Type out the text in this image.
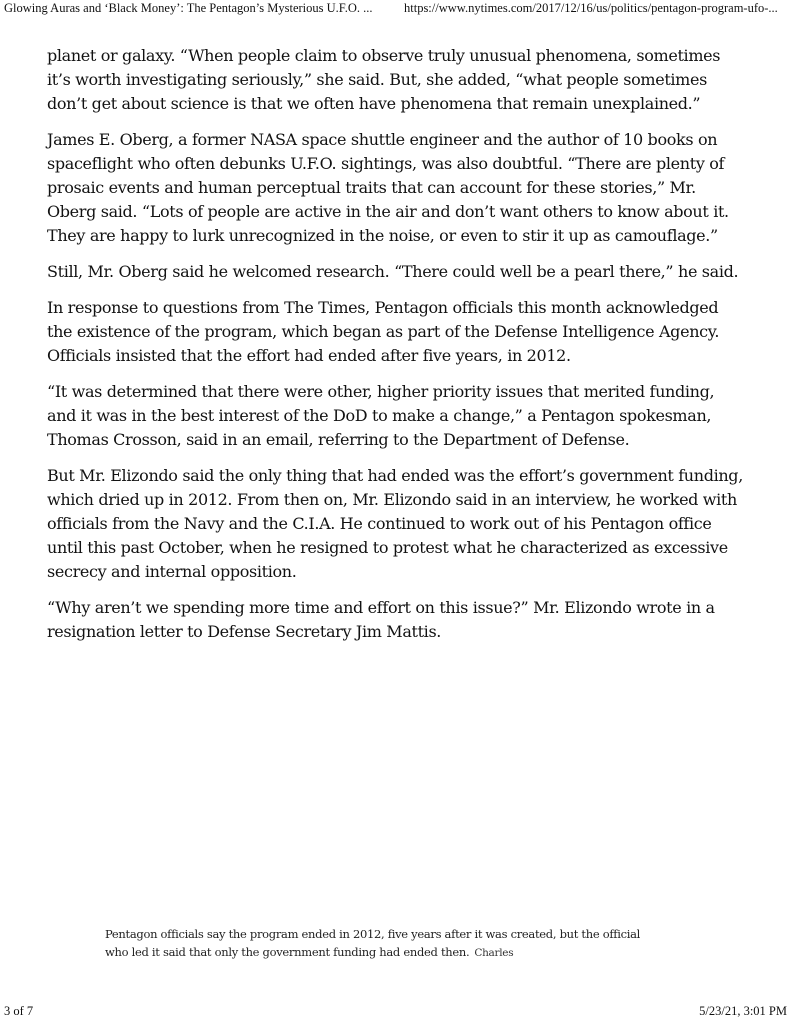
Glowing Auras and ‘Black Money’: The Pentagon’s Mysterious U.F.O. ...	https://www.nytimes.com/2017/12/16/us/politics/pentagon-program-ufo-...

planet or galaxy. “When people claim to observe truly unusual phenomena, sometimes it’s worth investigating seriously,” she said. But, she added, “what people sometimes don’t get about science is that we often have phenomena that remain unexplained.”

James E. Oberg, a former NASA space shuttle engineer and the author of 10 books on spaceflight who often debunks U.F.O. sightings, was also doubtful. “There are plenty of prosaic events and human perceptual traits that can account for these stories,” Mr. Oberg said. “Lots of people are active in the air and don’t want others to know about it. They are happy to lurk unrecognized in the noise, or even to stir it up as camouflage.”

Still, Mr. Oberg said he welcomed research. “There could well be a pearl there,” he said.

In response to questions from The Times, Pentagon officials this month acknowledged the existence of the program, which began as part of the Defense Intelligence Agency. Officials insisted that the effort had ended after five years, in 2012.

“It was determined that there were other, higher priority issues that merited funding, and it was in the best interest of the DoD to make a change,” a Pentagon spokesman, Thomas Crosson, said in an email, referring to the Department of Defense.

But Mr. Elizondo said the only thing that had ended was the effort’s government funding, which dried up in 2012. From then on, Mr. Elizondo said in an interview, he worked with officials from the Navy and the C.I.A. He continued to work out of his Pentagon office until this past October, when he resigned to protest what he characterized as excessive secrecy and internal opposition.

“Why aren’t we spending more time and effort on this issue?” Mr. Elizondo wrote in a resignation letter to Defense Secretary Jim Mattis.

Pentagon officials say the program ended in 2012, five years after it was created, but the official who led it said that only the government funding had ended then. Charles
3 of 7	5/23/21, 3:01 PM
